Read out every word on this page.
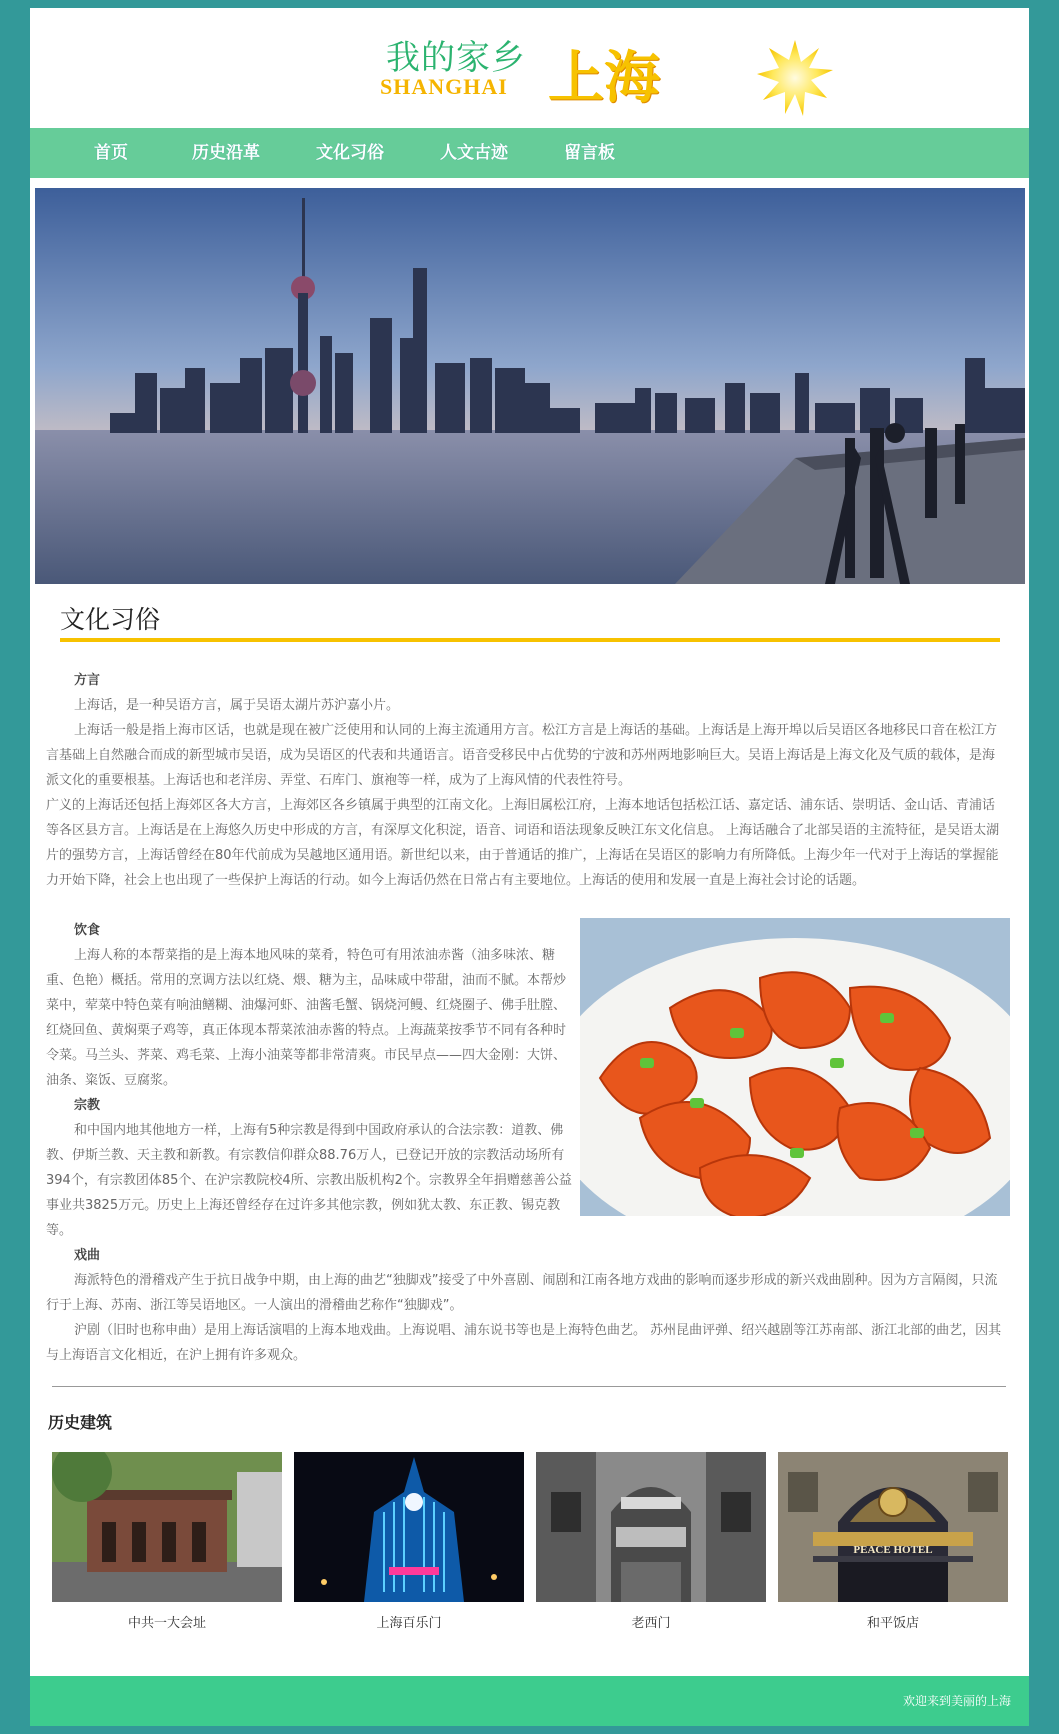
我的家乡
SHANGHAI 上海
首页	历史沿革	文化习俗	人文古迹	留言板
文化习俗
方言
上海话，是一种吴语方言，属于吴语太湖片苏沪嘉小片。
上海话一般是指上海市区话，也就是现在被广泛使用和认同的上海主流通用方言。松江方言是上海话的基础。上海话是上海开埠以后吴语区各地移民口音在松江方言基础上自然融合而成的新型城市吴语，成为吴语区的代表和共通语言。语音受移民中占优势的宁波和苏州两地影响巨大。吴语上海话是上海文化及气质的载体，是海派文化的重要根基。上海话也和老洋房、弄堂、石库门、旗袍等一样，成为了上海风情的代表性符号。
广义的上海话还包括上海郊区各大方言，上海郊区各乡镇属于典型的江南文化。上海旧属松江府，上海本地话包括松江话、嘉定话、浦东话、崇明话、金山话、青浦话等各区县方言。上海话是在上海悠久历史中形成的方言，有深厚文化积淀，语音、词语和语法现象反映江东文化信息。 上海话融合了北部吴语的主流特征，是吴语太湖片的强势方言，上海话曾经在80年代前成为吴越地区通用语。新世纪以来，由于普通话的推广，上海话在吴语区的影响力有所降低。上海少年一代对于上海话的掌握能力开始下降，社会上也出现了一些保护上海话的行动。如今上海话仍然在日常占有主要地位。上海话的使用和发展一直是上海社会讨论的话题。
饮食
上海人称的本帮菜指的是上海本地风味的菜肴，特色可有用浓油赤酱（油多味浓、糖重、色艳）概括。常用的烹调方法以红烧、煨、糖为主，品味咸中带甜，油而不腻。本帮炒菜中，荤菜中特色菜有响油鳝糊、油爆河虾、油酱毛蟹、锅烧河鳗、红烧圈子、佛手肚膛、红烧回鱼、黄焖栗子鸡等，真正体现本帮菜浓油赤酱的特点。上海蔬菜按季节不同有各种时令菜。马兰头、荠菜、鸡毛菜、上海小油菜等都非常清爽。市民早点——四大金刚：大饼、油条、粢饭、豆腐浆。
宗教
和中国内地其他地方一样，上海有5种宗教是得到中国政府承认的合法宗教：道教、佛教、伊斯兰教、天主教和新教。有宗教信仰群众88.76万人，已登记开放的宗教活动场所有394个，有宗教团体85个、在沪宗教院校4所、宗教出版机构2个。宗教界全年捐赠慈善公益事业共3825万元。历史上上海还曾经存在过许多其他宗教，例如犹太教、东正教、锡克教等。
戏曲
海派特色的滑稽戏产生于抗日战争中期，由上海的曲艺“独脚戏”接受了中外喜剧、闹剧和江南各地方戏曲的影响而逐步形成的新兴戏曲剧种。因为方言隔阂，只流行于上海、苏南、浙江等吴语地区。一人演出的滑稽曲艺称作“独脚戏”。
沪剧（旧时也称申曲）是用上海话演唱的上海本地戏曲。上海说唱、浦东说书等也是上海特色曲艺。 苏州昆曲评弹、绍兴越剧等江苏南部、浙江北部的曲艺，因其与上海语言文化相近，在沪上拥有许多观众。
历史建筑
中共一大会址	上海百乐门	老西门
PEACE HOTEL
和平饭店
欢迎来到美丽的上海
